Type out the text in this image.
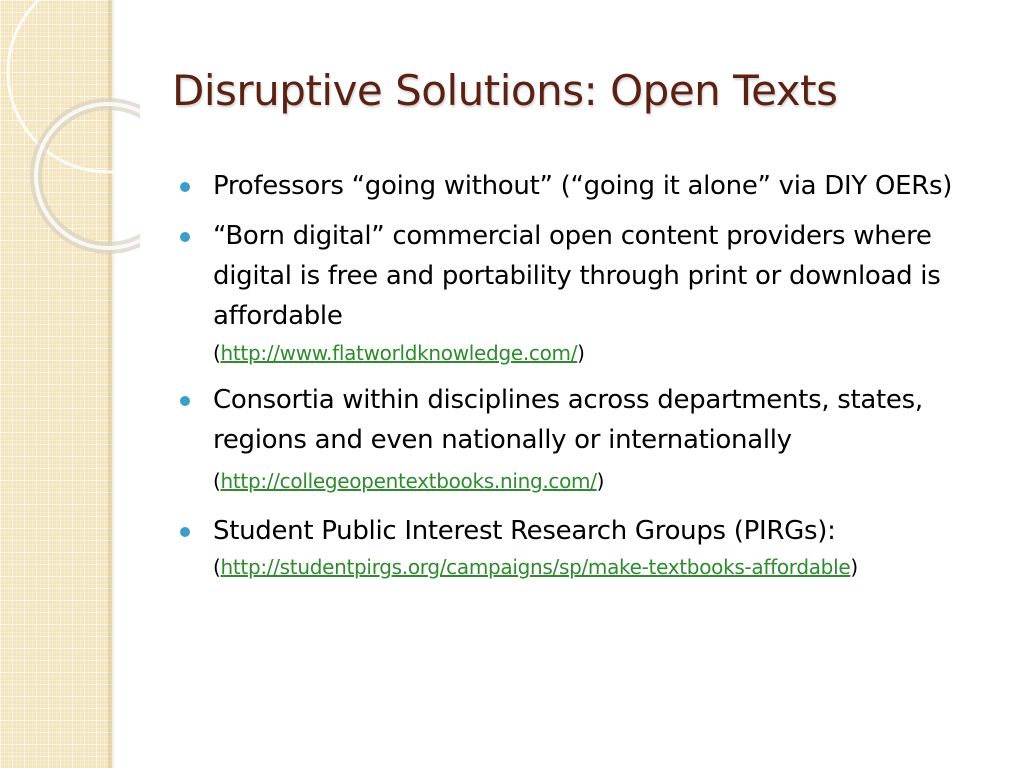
Disruptive Solutions: Open Texts
Professors “going without” (“going it alone” via DIY OERs)
“Born digital” commercial open content providers where digital is free and portability through print or download is affordable
(http://www.flatworldknowledge.com/)
Consortia within disciplines across departments, states, regions and even nationally or internationally (http://collegeopentextbooks.ning.com/)
Student Public Interest Research Groups (PIRGs):
(http://studentpirgs.org/campaigns/sp/make-textbooks-affordable)
